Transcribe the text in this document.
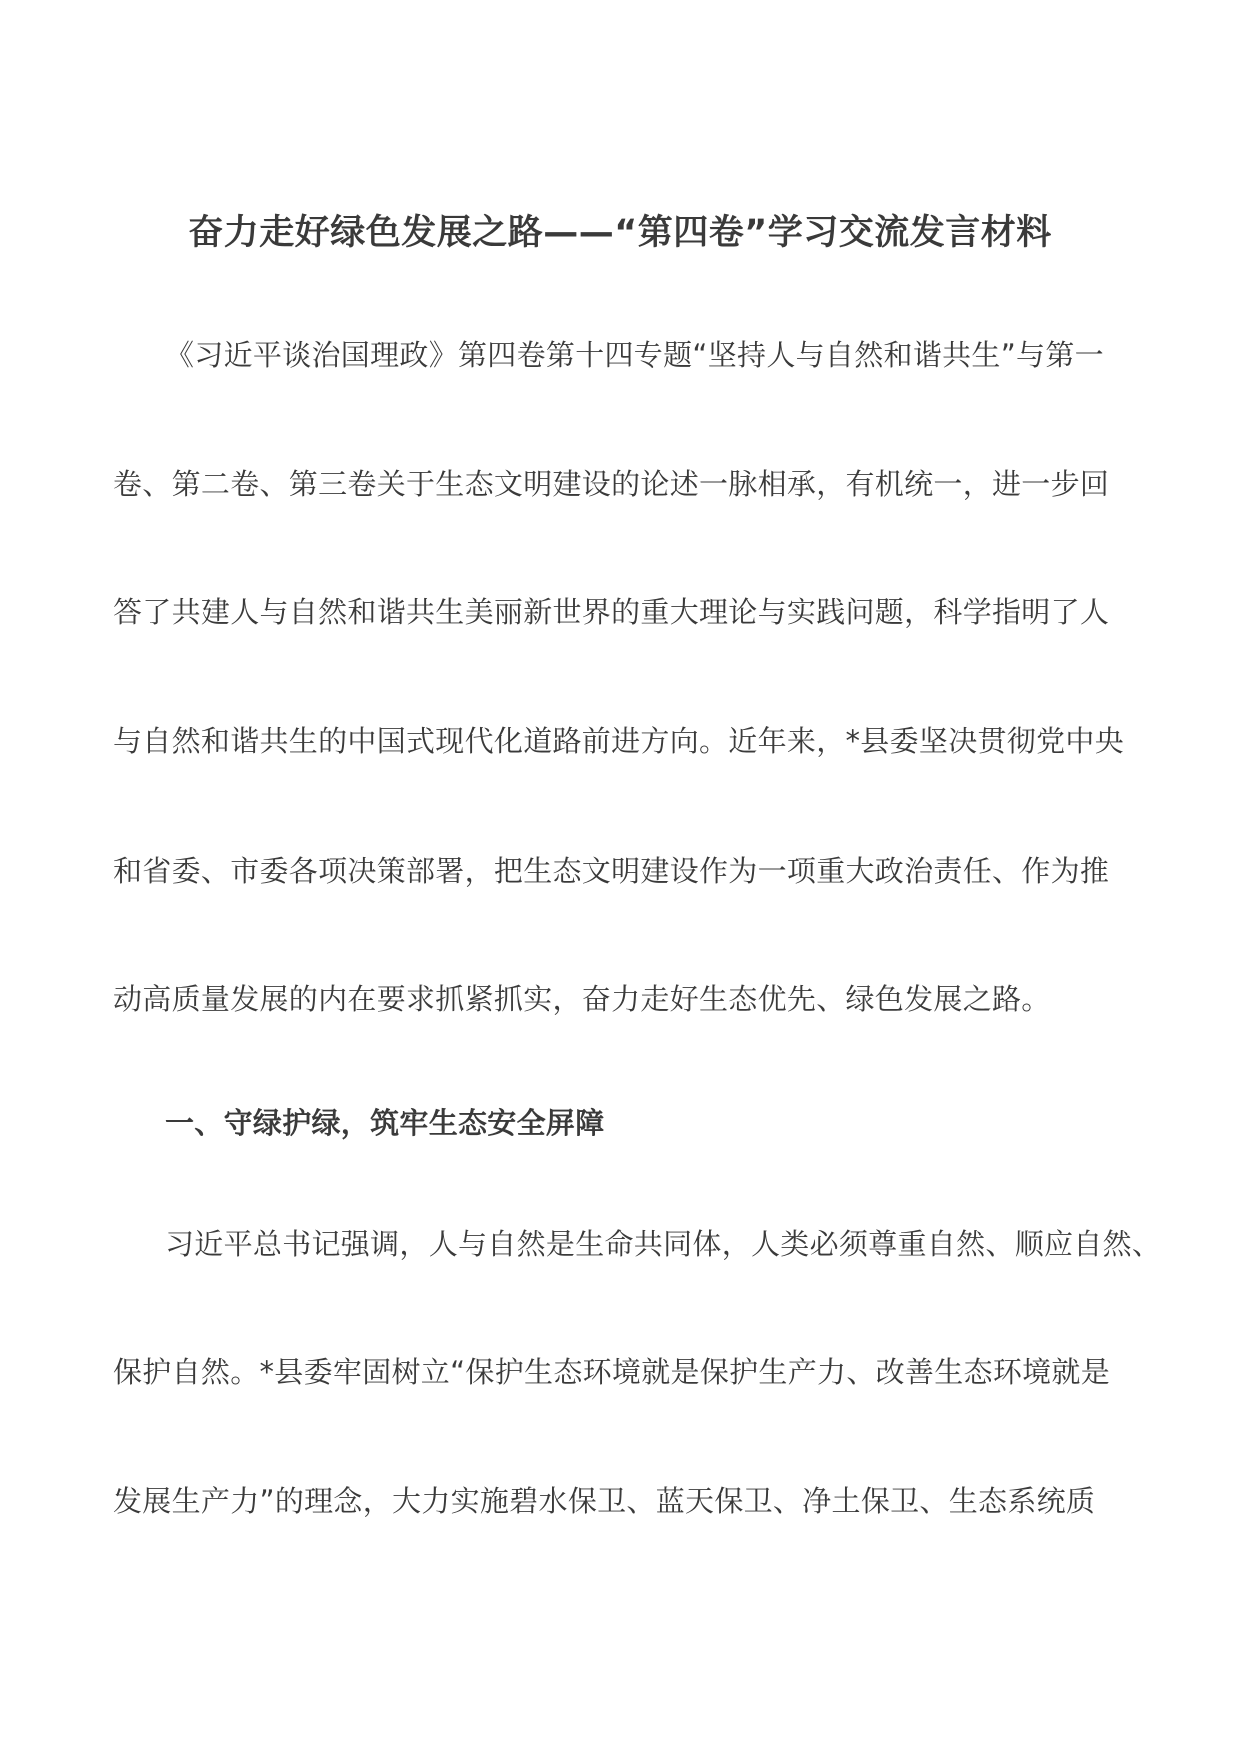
奋力走好绿色发展之路——“第四卷”学习交流发言材料
《习近平谈治国理政》第四卷第十四专题“坚持人与自然和谐共生”与第一
卷、第二卷、第三卷关于生态文明建设的论述一脉相承，有机统一，进一步回
答了共建人与自然和谐共生美丽新世界的重大理论与实践问题，科学指明了人
与自然和谐共生的中国式现代化道路前进方向。近年来，*县委坚决贯彻党中央
和省委、市委各项决策部署，把生态文明建设作为一项重大政治责任、作为推
动高质量发展的内在要求抓紧抓实，奋力走好生态优先、绿色发展之路。
一、守绿护绿，筑牢生态安全屏障
习近平总书记强调，人与自然是生命共同体，人类必须尊重自然、顺应自然、
保护自然。*县委牢固树立“保护生态环境就是保护生产力、改善生态环境就是
发展生产力”的理念，大力实施碧水保卫、蓝天保卫、净土保卫、生态系统质
